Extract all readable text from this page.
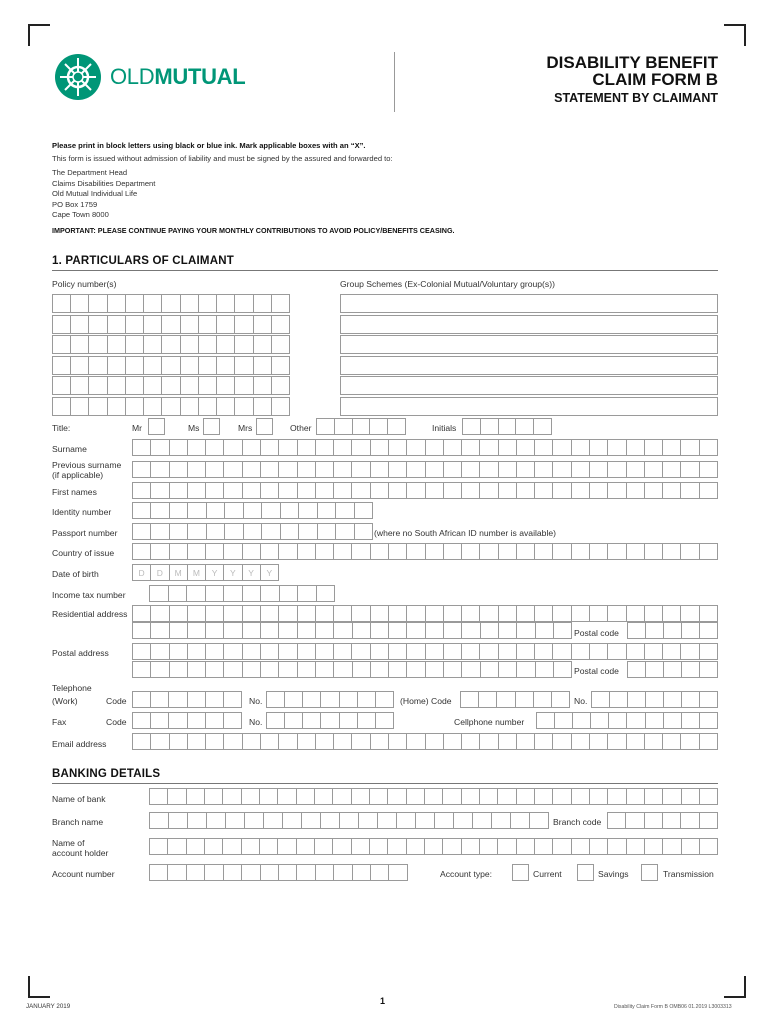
OLDMUTUAL
DISABILITY BENEFIT
CLAIM FORM B
STATEMENT BY CLAIMANT
Please print in block letters using black or blue ink. Mark applicable boxes with an “X”.
This form is issued without admission of liability and must be signed by the assured and forwarded to:
The Department Head
Claims Disabilities Department
Old Mutual Individual Life
PO Box 1759
Cape Town 8000
IMPORTANT: PLEASE CONTINUE PAYING YOUR MONTHLY CONTRIBUTIONS TO AVOID POLICY/BENEFITS CEASING.
1. PARTICULARS OF CLAIMANT
Policy number(s)	Group Schemes (Ex-Colonial Mutual/Voluntary group(s))
Title:	Mr	Ms	Mrs	Other	Initials
Surname
Previous surname
(if applicable)
First names
Identity number
Passport number	(where no South African ID number is available)
Country of issue
Date of birth	D	D	M	M	Y	Y	Y	Y
Income tax number
Residential address
Postal code
Postal address
Postal code
Telephone
(Work)	Code	No.	(Home) Code	No.
Fax	Code	No.	Cellphone number
Email address
BANKING DETAILS
Name of bank
Branch name	Branch code
Name of
account holder
Account number	Account type:	Current	Savings	Transmission
JANUARY 2019
1
Disability Claim Form B OMB06 01.2019 L3003313
